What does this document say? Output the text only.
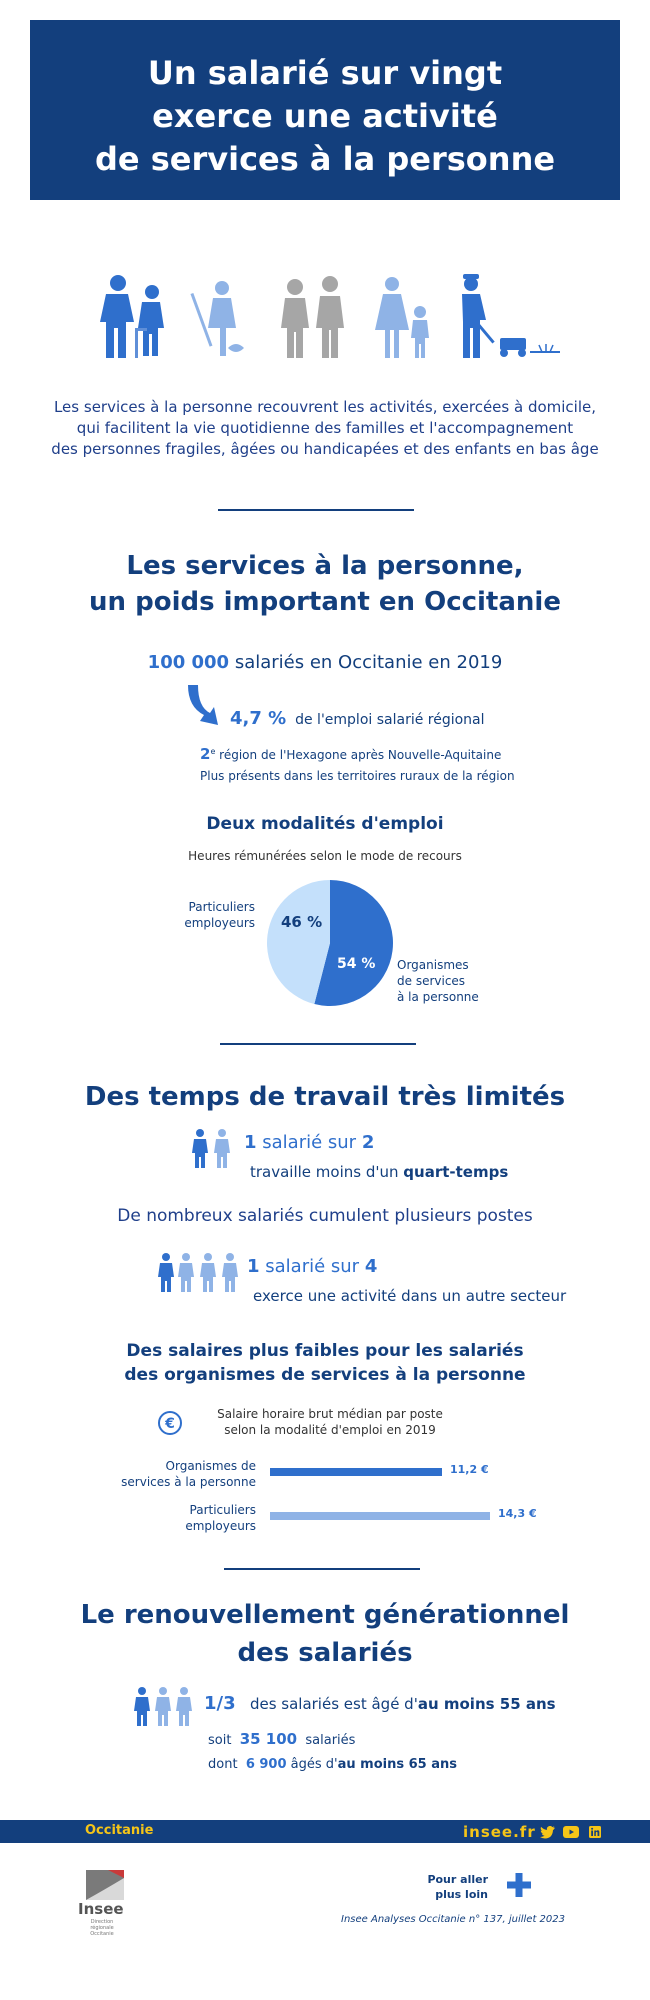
Un salarié sur vingt
exerce une activité
de services à la personne
Les services à la personne recouvrent les activités, exercées à domicile,
qui facilitent la vie quotidienne des familles et l'accompagnement
des personnes fragiles, âgées ou handicapées et des enfants en bas âge
Les services à la personne,
un poids important en Occitanie
100 000 salariés en Occitanie en 2019
4,7 % de l'emploi salarié régional
2e région de l'Hexagone après Nouvelle-Aquitaine
Plus présents dans les territoires ruraux de la région
Deux modalités d'emploi
Heures rémunérées selon le mode de recours
46 %
54 %
Particuliers
employeurs
Organismes
de services
à la personne
Des temps de travail très limités
1 salarié sur 2
travaille moins d'un quart-temps
De nombreux salariés cumulent plusieurs postes
1 salarié sur 4
exerce une activité dans un autre secteur
Des salaires plus faibles pour les salariés
des organismes de services à la personne
€
Salaire horaire brut médian par poste
selon la modalité d'emploi en 2019
Organismes de
services à la personne
11,2 €
Particuliers
employeurs
14,3 €
Le renouvellement générationnel
des salariés
1/3 des salariés est âgé d'au moins 55 ans
soit 35 100 salariés
dont 6 900 âgés d'au moins 65 ans
Occitanie	insee.fr
Insee
Direction régionale
Occitanie
Pour aller
plus loin
Insee Analyses Occitanie n° 137, juillet 2023
